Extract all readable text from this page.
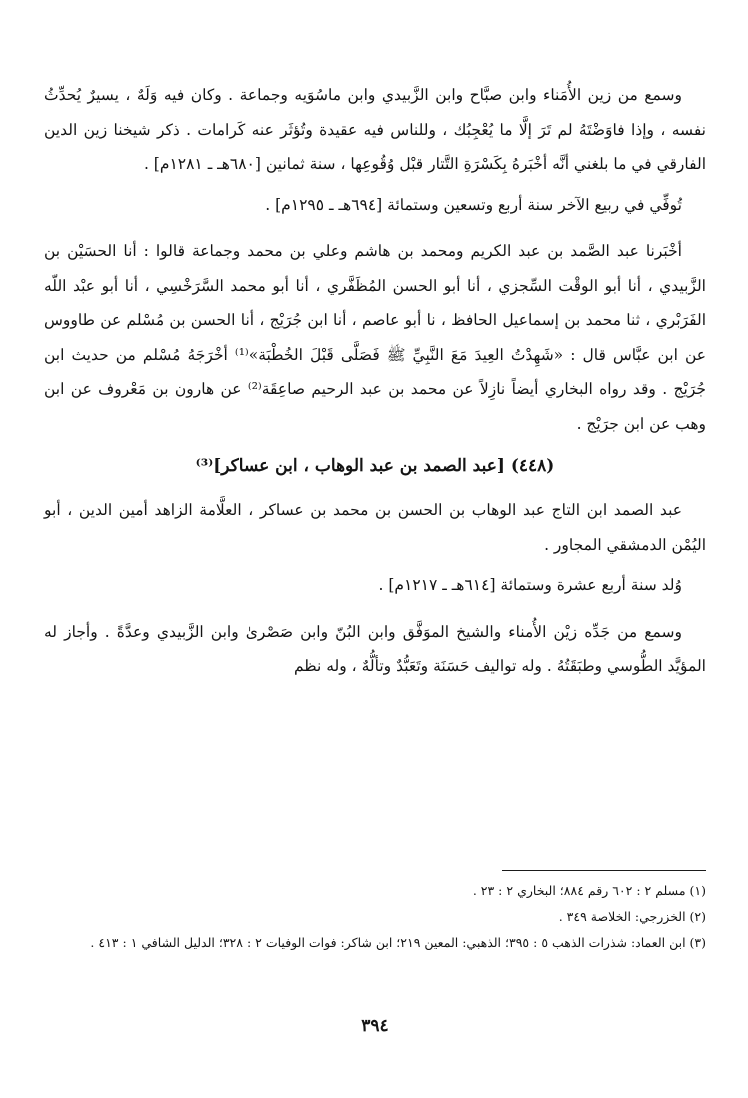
وسمع من زين الأُمَناء وابن صبَّاح وابن الزَّبيدي وابن ماسُوَيه وجماعة . وكان فيه وَلَهٌ ، يسيرٌ يُحدِّثُ نفسه ، وإذا فاوَضْتَهُ لم تَرَ إلَّا ما يُعْجِبُك ، وللناس فيه عقيدة وتُؤثَر عنه كَرامات . ذكر شيخنا زين الدين الفارقي في ما بلغني أنَّه أخْبَرهُ بِكَسْرَةِ التَّتار قبْل وُقُوعِها ، سنة ثمانين [٦٨٠هـ ـ ١٢٨١م] .

تُوفِّي في ربيع الآخر سنة أربع وتسعين وستمائة [٦٩٤هـ ـ ١٢٩٥م] .

أخْبَرنا عبد الصَّمد بن عبد الكريم ومحمد بن هاشم وعلي بن محمد وجماعة قالوا : أنا الحسَيْن بن الزَّبيدي ، أنا أبو الوقْت السِّجزي ، أنا أبو الحسن المُظَفَّري ، أنا أبو محمد السَّرَخْسِي ، أنا أبو عبْد اللّه الفَرَبْري ، ثنا محمد بن إسماعيل الحافظ ، نا أبو عاصم ، أنا ابن جُرَيْج ، أنا الحسن بن مُسْلم عن طاووس عن ابن عبَّاس قال : «شَهِدْتُ العِيدَ مَعَ النَّبِيِّ ﷺ فَصَلَّى قَبْلَ الخُطْبَة»⁽¹⁾ أخْرَجَهُ مُسْلم من حديث ابن جُرَيْج . وقد رواه البخاري أيضاً نازِلاً عن محمد بن عبد الرحيم صاعِقَة⁽²⁾ عن هارون بن مَعْروف عن ابن وهب عن ابن جرَيْج .

(٤٤٨) [عبد الصمد بن عبد الوهاب ، ابن عساكر]⁽³⁾

عبد الصمد ابن التاج عبد الوهاب بن الحسن بن محمد بن عساكر ، العلَّامة الزاهد أمين الدين ، أبو اليُمْن الدمشقي المجاور .

وُلد سنة أربع عشرة وستمائة [٦١٤هـ ـ ١٢١٧م] .

وسمع من جَدِّه زيْن الأُمناء والشيخ الموَفَّق وابن البُنّ وابن صَصْرىٰ وابن الزَّبيدي وعدَّةً . وأجاز له المؤيَّد الطُّوسي وطبَقَتُهُ . وله تواليف حَسَنَة وتَعَبُّدٌ وتألُّهٌ ، وله نظم

(١) مسلم ٢ : ٦٠٢ رقم ٨٨٤؛ البخاري ٢ : ٢٣ .

(٢) الخزرجي: الخلاصة ٣٤٩ .

(٣) ابن العماد: شذرات الذهب ٥ : ٣٩٥؛ الذهبي: المعين ٢١٩؛ ابن شاكر: فوات الوفيات ٢ : ٣٢٨؛ الدليل الشافي ١ : ٤١٣ .

٣٩٤
